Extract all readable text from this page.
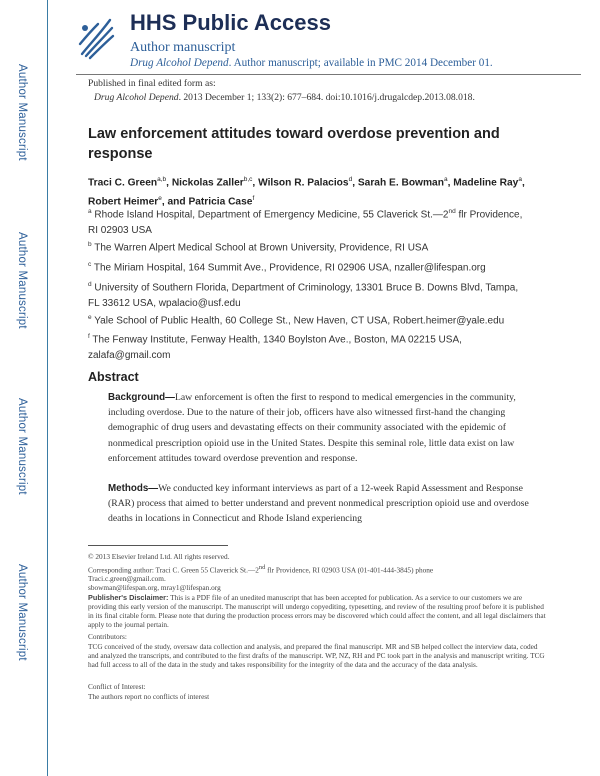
Author Manuscript
Author Manuscript
Author Manuscript
Author Manuscript
HHS Public Access
Author manuscript
Drug Alcohol Depend. Author manuscript; available in PMC 2014 December 01.
Published in final edited form as:
Drug Alcohol Depend. 2013 December 1; 133(2): 677–684. doi:10.1016/j.drugalcdep.2013.08.018.
Law enforcement attitudes toward overdose prevention and response
Traci C. Green$^{a,b}$, Nickolas Zaller$^{b,c}$, Wilson R. Palacios$^d$, Sarah E. Bowman$^a$, Madeline Ray$^a$, Robert Heimer$^e$, and Patricia Case$^f$
$^a$ Rhode Island Hospital, Department of Emergency Medicine, 55 Claverick St.—2nd flr Providence, RI 02903 USA
$^b$ The Warren Alpert Medical School at Brown University, Providence, RI USA
$^c$ The Miriam Hospital, 164 Summit Ave., Providence, RI 02906 USA, nzaller@lifespan.org
$^d$ University of Southern Florida, Department of Criminology, 13301 Bruce B. Downs Blvd, Tampa, FL 33612 USA, wpalacio@usf.edu
$^e$ Yale School of Public Health, 60 College St., New Haven, CT USA, Robert.heimer@yale.edu
$^f$ The Fenway Institute, Fenway Health, 1340 Boylston Ave., Boston, MA 02215 USA, zalafa@gmail.com
Abstract
Background—Law enforcement is often the first to respond to medical emergencies in the community, including overdose. Due to the nature of their job, officers have also witnessed first-hand the changing demographic of drug users and devastating effects on their community associated with the epidemic of nonmedical prescription opioid use in the United States. Despite this seminal role, little data exist on law enforcement attitudes toward overdose prevention and response.
Methods—We conducted key informant interviews as part of a 12-week Rapid Assessment and Response (RAR) process that aimed to better understand and prevent nonmedical prescription opioid use and overdose deaths in locations in Connecticut and Rhode Island experiencing
© 2013 Elsevier Ireland Ltd. All rights reserved.
Corresponding author: Traci C. Green 55 Claverick St.—2nd flr Providence, RI 02903 USA (01-401-444-3845) phone
Traci.c.green@gmail.com.
sbowman@lifespan.org, mray1@lifespan.org
Publisher's Disclaimer: This is a PDF file of an unedited manuscript that has been accepted for publication. As a service to our customers we are providing this early version of the manuscript. The manuscript will undergo copyediting, typesetting, and review of the resulting proof before it is published in its final citable form. Please note that during the production process errors may be discovered which could affect the content, and all legal disclaimers that apply to the journal pertain.
Contributors:
TCG conceived of the study, oversaw data collection and analysis, and prepared the final manuscript. MR and SB helped collect the interview data, coded and analyzed the transcripts, and contributed to the first drafts of the manuscript. WP, NZ, RH and PC took part in the analysis and manuscript writing. TCG had full access to all of the data in the study and takes responsibility for the integrity of the data and the accuracy of the data analysis.
Conflict of Interest:
The authors report no conflicts of interest
